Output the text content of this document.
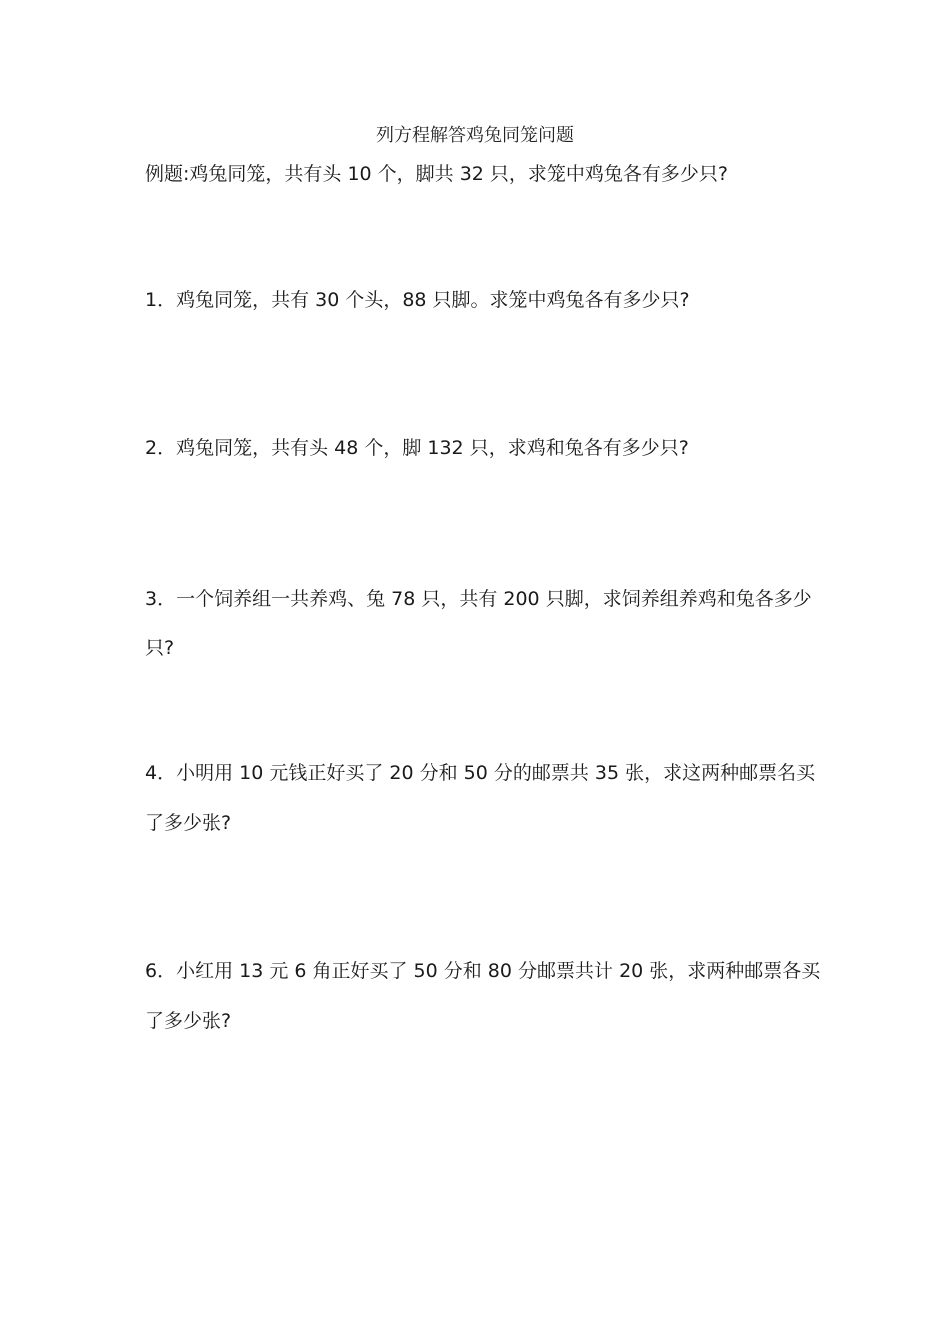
列方程解答鸡兔同笼问题
例题:鸡兔同笼，共有头 10 个，脚共 32 只，求笼中鸡兔各有多少只?
1．鸡兔同笼，共有 30 个头，88 只脚。求笼中鸡兔各有多少只?
2．鸡兔同笼，共有头 48 个，脚 132 只，求鸡和兔各有多少只?
3．一个饲养组一共养鸡、兔 78 只，共有 200 只脚，求饲养组养鸡和兔各多少
只?
4．小明用 10 元钱正好买了 20 分和 50 分的邮票共 35 张，求这两种邮票名买
了多少张?
6．小红用 13 元 6 角正好买了 50 分和 80 分邮票共计 20 张，求两种邮票各买
了多少张?
